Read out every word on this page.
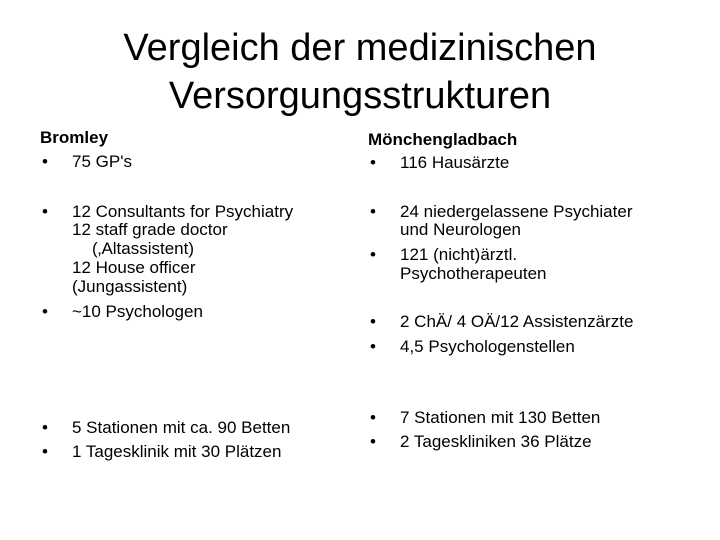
Vergleich der medizinischen
Versorgungsstrukturen
Bromley
•	75 GP's
•	12 Consultants for Psychiatry
12 staff grade doctor
(‚Altassistent)
12 House officer
(Jungassistent)
•	~10 Psychologen
•	5 Stationen mit ca. 90 Betten
•	1 Tagesklinik mit 30 Plätzen
Mönchengladbach
•	116 Hausärzte
•	24 niedergelassene Psychiater
und Neurologen
•	121 (nicht)ärztl.
Psychotherapeuten
•	2 ChÄ/ 4 OÄ/12 Assistenzärzte
•	4,5 Psychologenstellen
•	7 Stationen mit 130 Betten
•	2 Tageskliniken 36 Plätze
